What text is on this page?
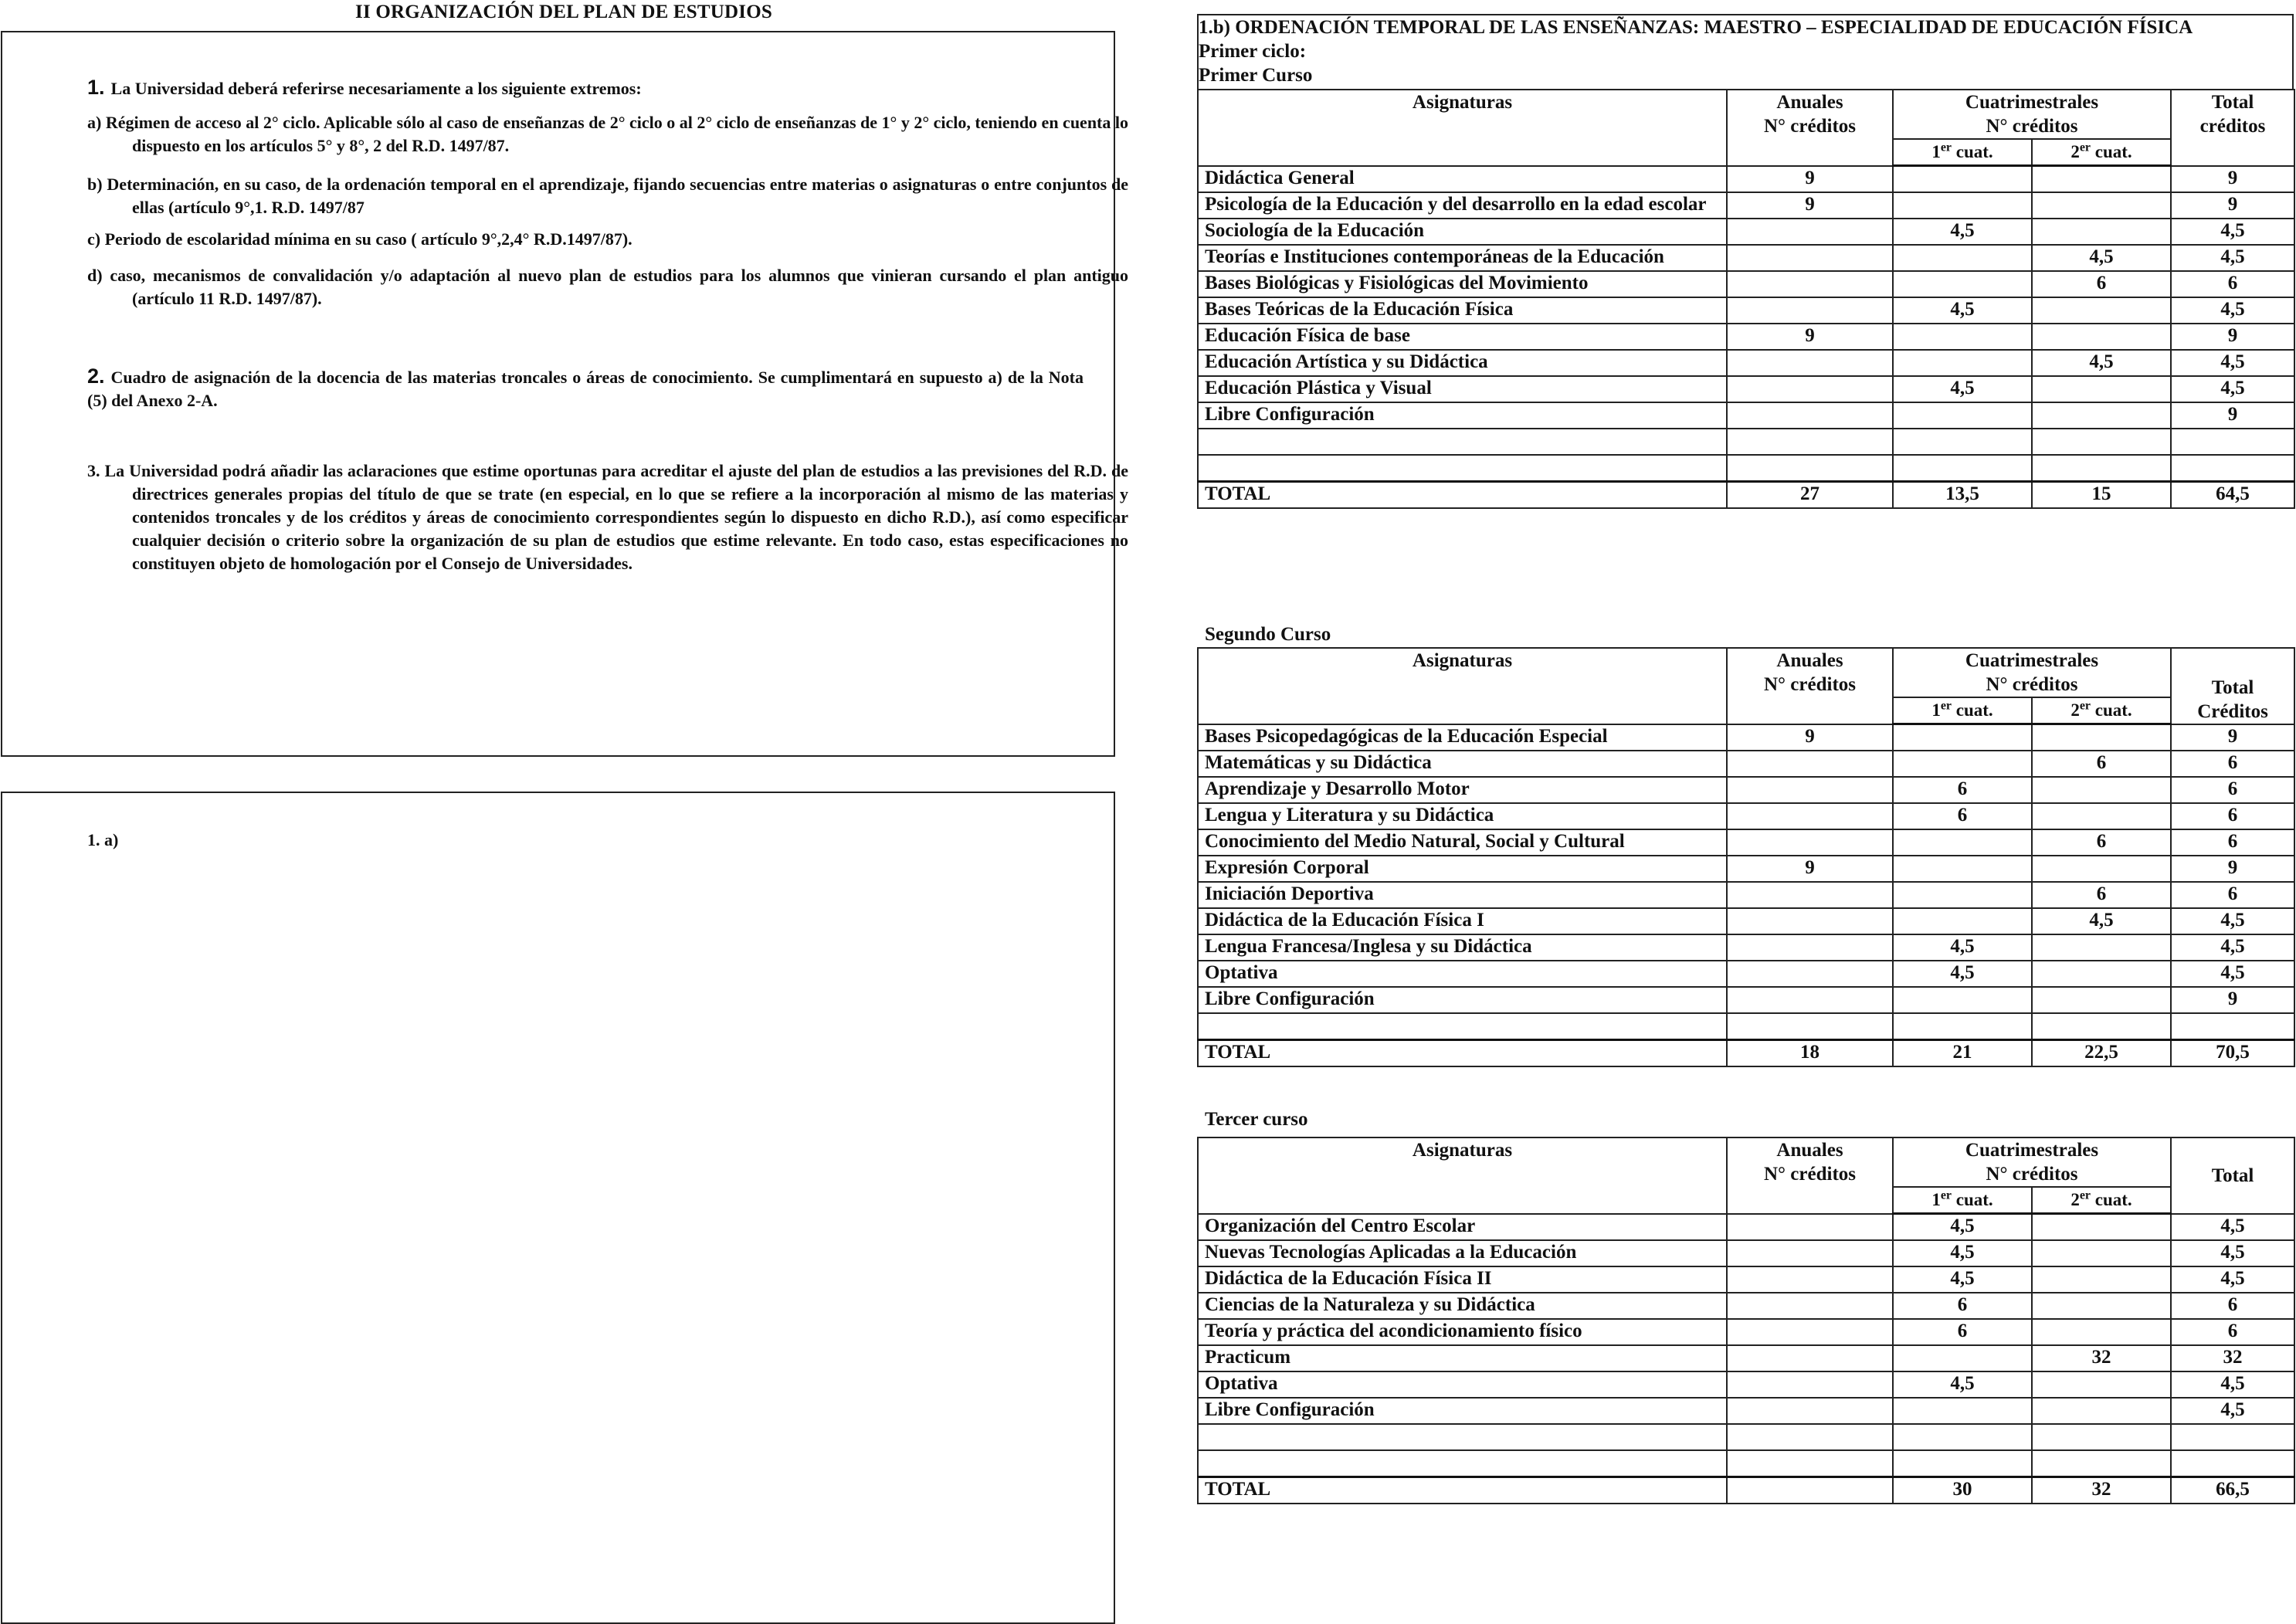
II ORGANIZACIÓN DEL PLAN DE ESTUDIOS
1. La Universidad deberá referirse necesariamente a los siguiente extremos:
a) Régimen de acceso al 2° ciclo. Aplicable sólo al caso de enseñanzas de 2° ciclo o al 2° ciclo de enseñanzas de 1° y 2° ciclo, teniendo en cuenta lo dispuesto en los artículos 5° y 8°, 2 del R.D. 1497/87.
b) Determinación, en su caso, de la ordenación temporal en el aprendizaje, fijando secuencias entre materias o asignaturas o entre conjuntos de ellas (artículo 9°,1. R.D. 1497/87
c) Periodo de escolaridad mínima en su caso ( artículo 9°,2,4° R.D.1497/87).
d) caso, mecanismos de convalidación y/o adaptación al nuevo plan de estudios para los alumnos que vinieran cursando el plan antiguo (artículo 11 R.D. 1497/87).
2. Cuadro de asignación de la docencia de las materias troncales o áreas de conocimiento. Se cumplimentará en supuesto a) de la Nota (5) del Anexo 2-A.
3. La Universidad podrá añadir las aclaraciones que estime oportunas para acreditar el ajuste del plan de estudios a las previsiones del R.D. de directrices generales propias del título de que se trate (en especial, en lo que se refiere a la incorporación al mismo de las materias y contenidos troncales y de los créditos y áreas de conocimiento correspondientes según lo dispuesto en dicho R.D.), así como especificar cualquier decisión o criterio sobre la organización de su plan de estudios que estime relevante. En todo caso, estas especificaciones no constituyen objeto de homologación por el Consejo de Universidades.
1. a)
1.b) ORDENACIÓN TEMPORAL DE LAS ENSEÑANZAS: MAESTRO – ESPECIALIDAD DE EDUCACIÓN FÍSICA
Primer ciclo:
Primer Curso
Asignaturas	Anuales
N° créditos	Cuatrimestrales
N° créditos		Total
créditos
		1er cuat.	2er cuat.	
Didáctica General	9			9
Psicología de la Educación y del desarrollo en la edad escolar	9			9
Sociología de la Educación		4,5		4,5
Teorías e Instituciones contemporáneas de la Educación			4,5	4,5
Bases Biológicas y Fisiológicas del Movimiento			6	6
Bases Teóricas de la Educación Física		4,5		4,5
Educación Física de base	9			9
Educación Artística y su Didáctica			4,5	4,5
Educación Plástica y Visual		4,5		4,5
Libre Configuración				9

TOTAL	27	13,5	15	64,5
Segundo Curso
Asignaturas	Anuales
N° créditos	Cuatrimestrales
N° créditos		Total
Créditos
		1er cuat.	2er cuat.	
Bases Psicopedagógicas de la Educación Especial	9			9
Matemáticas y su Didáctica			6	6
Aprendizaje y Desarrollo Motor		6		6
Lengua y Literatura y su Didáctica		6		6
Conocimiento del Medio Natural, Social y Cultural			6	6
Expresión Corporal	9			9
Iniciación Deportiva			6	6
Didáctica de la Educación Física I			4,5	4,5
Lengua Francesa/Inglesa y su Didáctica		4,5		4,5
Optativa		4,5		4,5
Libre Configuración				9

TOTAL	18	21	22,5	70,5
Tercer curso
Asignaturas	Anuales
N° créditos	Cuatrimestrales
N° créditos		Total
		1er cuat.	2er cuat.	
Organización del Centro Escolar		4,5		4,5
Nuevas Tecnologías Aplicadas a la Educación		4,5		4,5
Didáctica de la Educación Física II		4,5		4,5
Ciencias de la Naturaleza y su Didáctica		6		6
Teoría y práctica del acondicionamiento físico		6		6
Practicum			32	32
Optativa		4,5		4,5
Libre Configuración				4,5

TOTAL		30	32	66,5
